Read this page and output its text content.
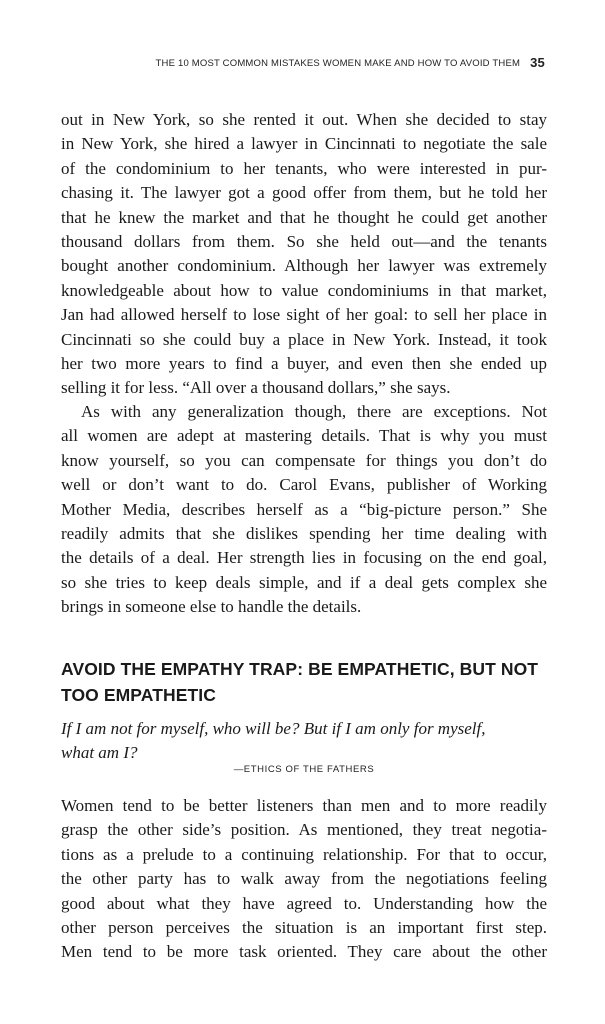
THE 10 MOST COMMON MISTAKES WOMEN MAKE AND HOW TO AVOID THEM 35
out in New York, so she rented it out. When she decided to stay
in New York, she hired a lawyer in Cincinnati to negotiate the sale
of the condominium to her tenants, who were interested in pur-
chasing it. The lawyer got a good offer from them, but he told her
that he knew the market and that he thought he could get another
thousand dollars from them. So she held out—and the tenants
bought another condominium. Although her lawyer was extremely
knowledgeable about how to value condominiums in that market,
Jan had allowed herself to lose sight of her goal: to sell her place in
Cincinnati so she could buy a place in New York. Instead, it took
her two more years to find a buyer, and even then she ended up
selling it for less. “All over a thousand dollars,” she says.
As with any generalization though, there are exceptions. Not
all women are adept at mastering details. That is why you must
know yourself, so you can compensate for things you don’t do
well or don’t want to do. Carol Evans, publisher of Working
Mother Media, describes herself as a “big-picture person.” She
readily admits that she dislikes spending her time dealing with
the details of a deal. Her strength lies in focusing on the end goal,
so she tries to keep deals simple, and if a deal gets complex she
brings in someone else to handle the details.
AVOID THE EMPATHY TRAP: BE EMPATHETIC, BUT NOT
TOO EMPATHETIC
If I am not for myself, who will be? But if I am only for myself,
what am I?
—ETHICS OF THE FATHERS
Women tend to be better listeners than men and to more readily
grasp the other side’s position. As mentioned, they treat negotia-
tions as a prelude to a continuing relationship. For that to occur,
the other party has to walk away from the negotiations feeling
good about what they have agreed to. Understanding how the
other person perceives the situation is an important first step.
Men tend to be more task oriented. They care about the other
